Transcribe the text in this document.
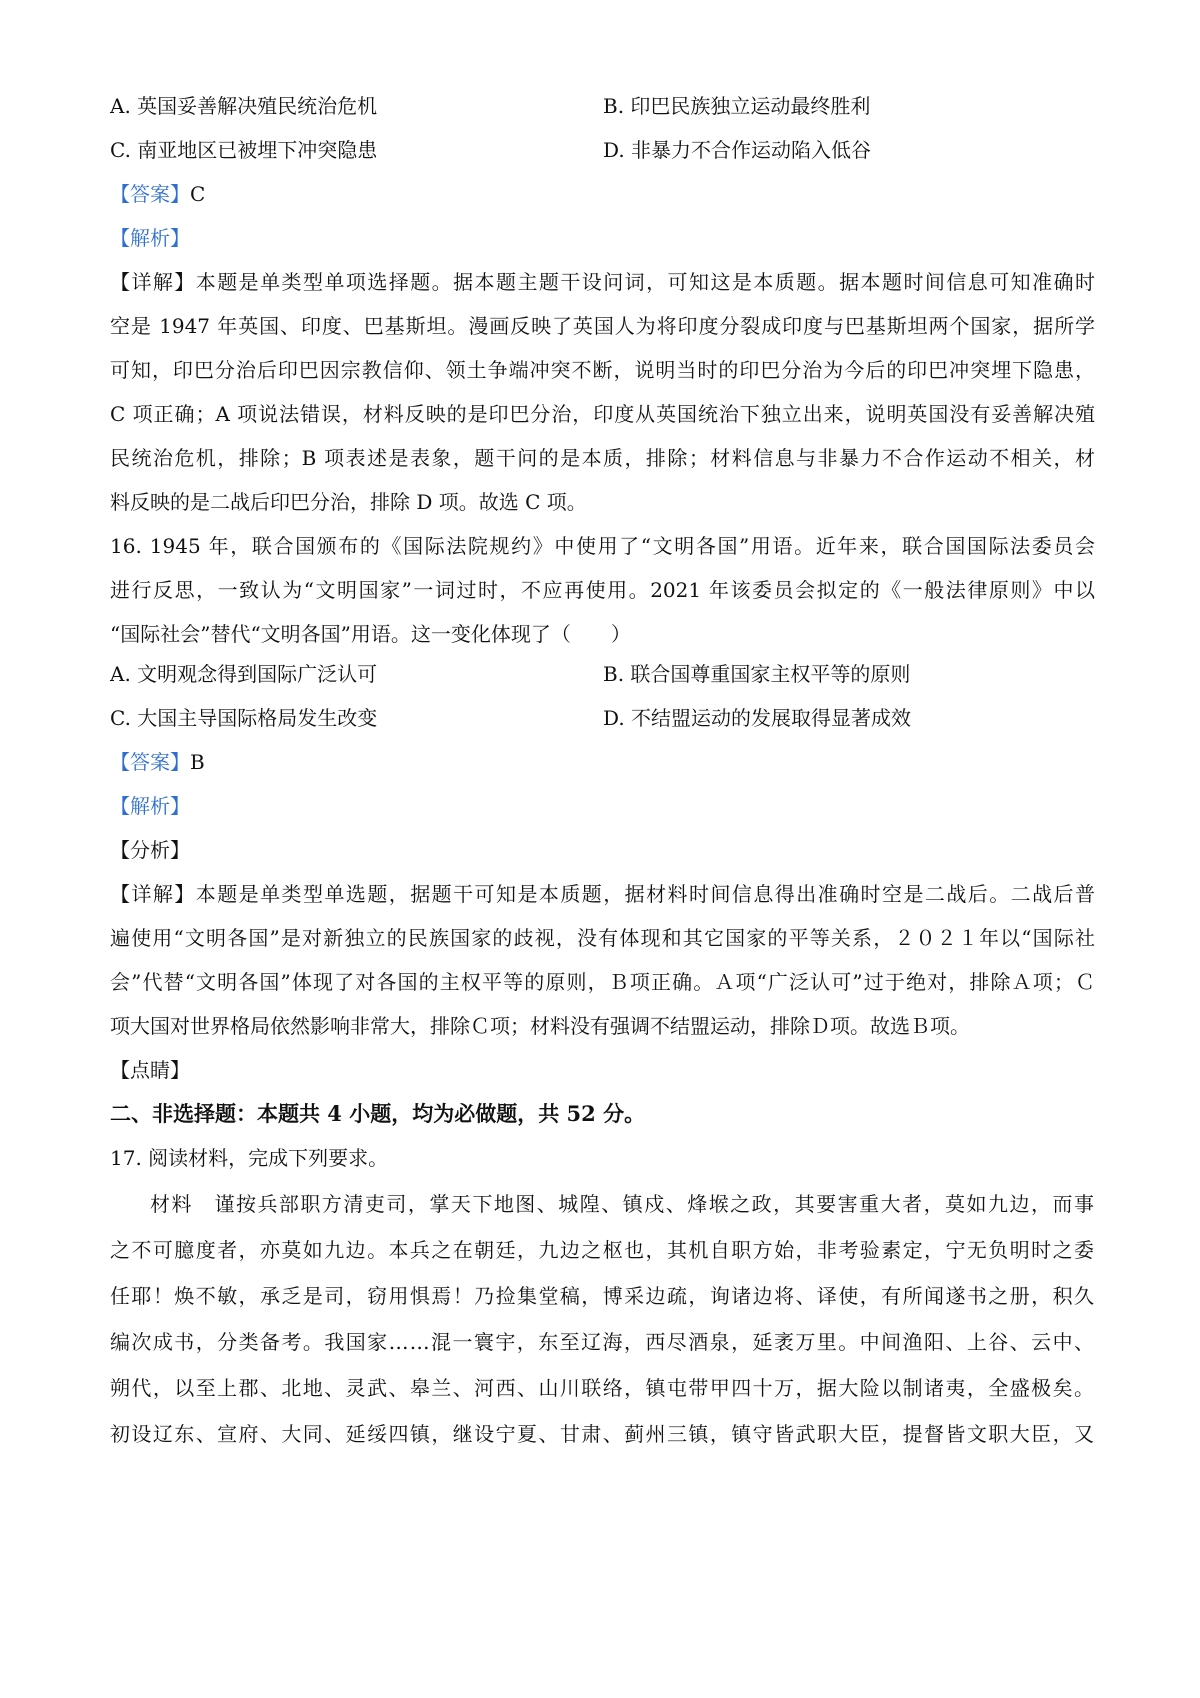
A. 英国妥善解决殖民统治危机	B. 印巴民族独立运动最终胜利
C. 南亚地区已被埋下冲突隐患	D. 非暴力不合作运动陷入低谷
【答案】C
【解析】
【详解】本题是单类型单项选择题。据本题主题干设问词，可知这是本质题。据本题时间信息可知准确时
空是 1947 年英国、印度、巴基斯坦。漫画反映了英国人为将印度分裂成印度与巴基斯坦两个国家，据所学
可知，印巴分治后印巴因宗教信仰、领土争端冲突不断，说明当时的印巴分治为今后的印巴冲突埋下隐患，
C 项正确；A 项说法错误，材料反映的是印巴分治，印度从英国统治下独立出来，说明英国没有妥善解决殖
民统治危机，排除；B 项表述是表象，题干问的是本质，排除；材料信息与非暴力不合作运动不相关，材
料反映的是二战后印巴分治，排除 D 项。故选 C 项。
16. 1945 年，联合国颁布的《国际法院规约》中使用了“文明各国”用语。近年来，联合国国际法委员会
进行反思，一致认为“文明国家”一词过时，不应再使用。2021 年该委员会拟定的《一般法律原则》中以
“国际社会”替代“文明各国”用语。这一变化体现了（　　）
A. 文明观念得到国际广泛认可	B. 联合国尊重国家主权平等的原则
C. 大国主导国际格局发生改变	D. 不结盟运动的发展取得显著成效
【答案】B
【解析】
【分析】
【详解】本题是单类型单选题，据题干可知是本质题，据材料时间信息得出准确时空是二战后。二战后普
遍使用“文明各国”是对新独立的民族国家的歧视，没有体现和其它国家的平等关系，２０２１年以“国际社
会”代替“文明各国”体现了对各国的主权平等的原则，Ｂ项正确。Ａ项“广泛认可”过于绝对，排除Ａ项；Ｃ
项大国对世界格局依然影响非常大，排除Ｃ项；材料没有强调不结盟运动，排除Ｄ项。故选Ｂ项。
【点睛】
二、非选择题：本题共 4 小题，均为必做题，共 52 分。
17. 阅读材料，完成下列要求。
材料　谨按兵部职方清吏司，掌天下地图、城隍、镇戍、烽堠之政，其要害重大者，莫如九边，而事
之不可臆度者，亦莫如九边。本兵之在朝廷，九边之枢也，其机自职方始，非考验素定，宁无负明时之委
任耶！焕不敏，承乏是司，窃用惧焉！乃捡集堂稿，博采边疏，询诸边将、译使，有所闻遂书之册，积久
编次成书，分类备考。我国家……混一寰宇，东至辽海，西尽酒泉，延袤万里。中间渔阳、上谷、云中、
朔代，以至上郡、北地、灵武、皋兰、河西、山川联络，镇屯带甲四十万，据大险以制诸夷，全盛极矣。
初设辽东、宣府、大同、延绥四镇，继设宁夏、甘肃、蓟州三镇，镇守皆武职大臣，提督皆文职大臣，又
